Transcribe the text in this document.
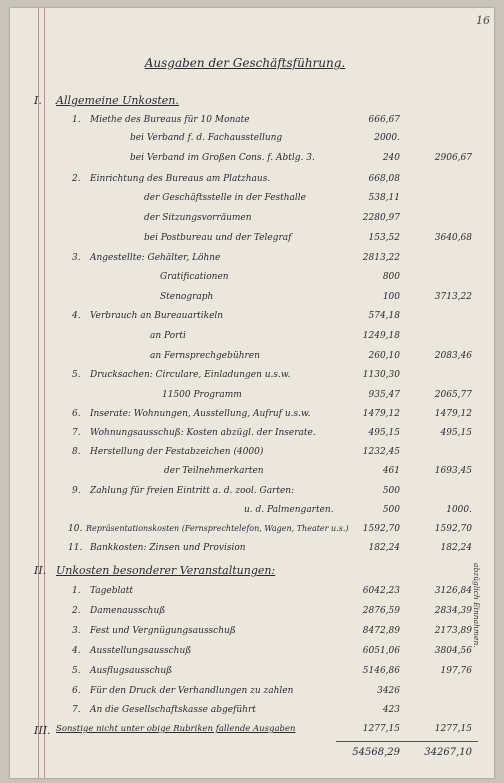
16
Ausgaben der Geschäftsführung.
I. Allgemeine Unkosten.
1. Miethe des Bureaus für 10 Monate	666,67
bei Verband f. d. Fachausstellung	2000.
bei Verband im Großen Cons. f. Abtlg. 3.	240	2906,67
2. Einrichtung des Bureaus am Platzhaus.	668,08
der Geschäftsstelle in der Festhalle	538,11
der Sitzungsvorräumen	2280,97
bei Postbureau und der Telegraf	153,52	3640,68
3. Angestellte: Gehälter, Löhne	2813,22
Gratificationen	800
Stenograph	100	3713,22
4. Verbrauch an Bureauartikeln	574,18
an Porti	1249,18
an Fernsprechgebühren	260,10	2083,46
5. Drucksachen: Circulare, Einladungen u.s.w.	1130,30
11500 Programm	935,47	2065,77
6. Inserate: Wohnungen, Ausstellung, Aufruf u.s.w.	1479,12	1479,12
7. Wohnungsausschuß: Kosten abzügl. der Inserate.	495,15	495,15
8. Herstellung der Festabzeichen (4000)	1232,45
der Teilnehmerkarten	461	1693,45
9. Zahlung für freien Eintritt a. d. zool. Garten:	500
u. d. Palmengarten.	500	1000.
10. Repräsentationskosten (Fernsprechtelefon, Wagen, Theater u.s.)	1592,70	1592,70
11. Bankkosten: Zinsen und Provision	182,24	182,24
II. Unkosten besonderer Veranstaltungen:
1. Tageblatt	6042,23	3126,84
2. Damenausschuß	2876,59	2834,39
3. Fest und Vergnügungsausschuß	8472,89	2173,89
4. Ausstellungsausschuß	6051,06	3804,56
5. Ausflugsausschuß	5146,86	197,76
6. Für den Druck der Verhandlungen zu zahlen	3426
7. An die Gesellschaftskasse abgeführt	423
abzüglich Einnahmen.
III. Sonstige nicht unter obige Rubriken fallende Ausgaben	1277,15	1277,15
54568,29	34267,10
